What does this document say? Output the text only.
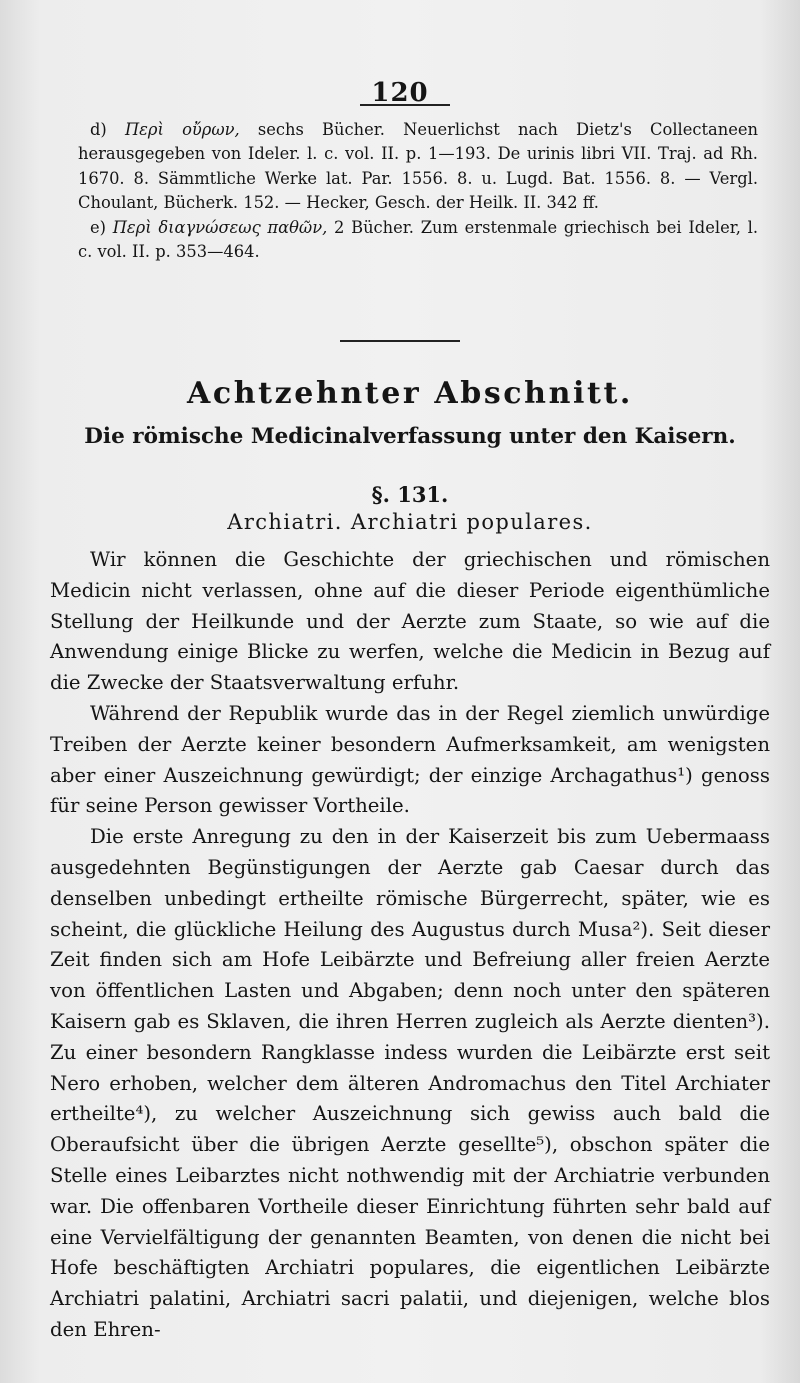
120

d) Περὶ οὔρων, sechs Bücher. Neuerlichst nach Dietz's Collectaneen herausgegeben von Ideler. l. c. vol. II. p. 1—193. De urinis libri VII. Traj. ad Rh. 1670. 8. Sämmtliche Werke lat. Par. 1556. 8. u. Lugd. Bat. 1556. 8. — Vergl. Choulant, Bücherk. 152. — Hecker, Gesch. der Heilk. II. 342 ff.

e) Περὶ διαγνώσεως παθῶν, 2 Bücher. Zum erstenmale griechisch bei Ideler, l. c. vol. II. p. 353—464.

Achtzehnter Abschnitt.
Die römische Medicinalverfassung unter den Kaisern.
§. 131.
Archiatri. Archiatri populares.

Wir können die Geschichte der griechischen und römischen Medicin nicht verlassen, ohne auf die dieser Periode eigenthümliche Stellung der Heilkunde und der Aerzte zum Staate, so wie auf die Anwendung einige Blicke zu werfen, welche die Medicin in Bezug auf die Zwecke der Staatsverwaltung erfuhr.

Während der Republik wurde das in der Regel ziemlich unwürdige Treiben der Aerzte keiner besondern Aufmerksamkeit, am wenigsten aber einer Auszeichnung gewürdigt; der einzige Archagathus¹) genoss für seine Person gewisser Vortheile.

Die erste Anregung zu den in der Kaiserzeit bis zum Uebermaass ausgedehnten Begünstigungen der Aerzte gab Caesar durch das denselben unbedingt ertheilte römische Bürgerrecht, später, wie es scheint, die glückliche Heilung des Augustus durch Musa²). Seit dieser Zeit finden sich am Hofe Leibärzte und Befreiung aller freien Aerzte von öffentlichen Lasten und Abgaben; denn noch unter den späteren Kaisern gab es Sklaven, die ihren Herren zugleich als Aerzte dienten³). Zu einer besondern Rangklasse indess wurden die Leibärzte erst seit Nero erhoben, welcher dem älteren Andromachus den Titel Archiater ertheilte⁴), zu welcher Auszeichnung sich gewiss auch bald die Oberaufsicht über die übrigen Aerzte gesellte⁵), obschon später die Stelle eines Leibarztes nicht nothwendig mit der Archiatrie verbunden war. Die offenbaren Vortheile dieser Einrichtung führten sehr bald auf eine Vervielfältigung der genannten Beamten, von denen die nicht bei Hofe beschäftigten Archiatri populares, die eigentlichen Leibärzte Archiatri palatini, Archiatri sacri palatii, und diejenigen, welche blos den Ehren-
